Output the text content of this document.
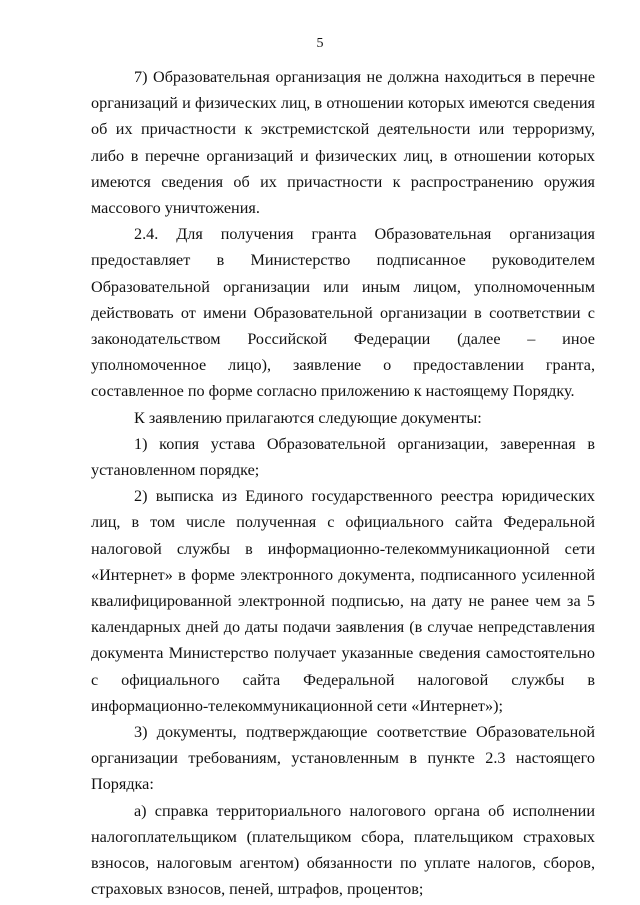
5

7) Образовательная организация не должна находиться в перечне организаций и физических лиц, в отношении которых имеются сведения об их причастности к экстремистской деятельности или терроризму, либо в перечне организаций и физических лиц, в отношении которых имеются сведения об их причастности к распространению оружия массового уничтожения.

2.4. Для получения гранта Образовательная организация предоставляет в Министерство подписанное руководителем Образовательной организации или иным лицом, уполномоченным действовать от имени Образовательной организации в соответствии с законодательством Российской Федерации (далее – иное уполномоченное лицо), заявление о предоставлении гранта, составленное по форме согласно приложению к настоящему Порядку.

К заявлению прилагаются следующие документы:

1) копия устава Образовательной организации, заверенная в установленном порядке;

2) выписка из Единого государственного реестра юридических лиц, в том числе полученная с официального сайта Федеральной налоговой службы в информационно-телекоммуникационной сети «Интернет» в форме электронного документа, подписанного усиленной квалифицированной электронной подписью, на дату не ранее чем за 5 календарных дней до даты подачи заявления (в случае непредставления документа Министерство получает указанные сведения самостоятельно с официального сайта Федеральной налоговой службы в информационно-телекоммуникационной сети «Интернет»);

3) документы, подтверждающие соответствие Образовательной организации требованиям, установленным в пункте 2.3 настоящего Порядка:

а) справка территориального налогового органа об исполнении налогоплательщиком (плательщиком сбора, плательщиком страховых взносов, налоговым агентом) обязанности по уплате налогов, сборов, страховых взносов, пеней, штрафов, процентов;
